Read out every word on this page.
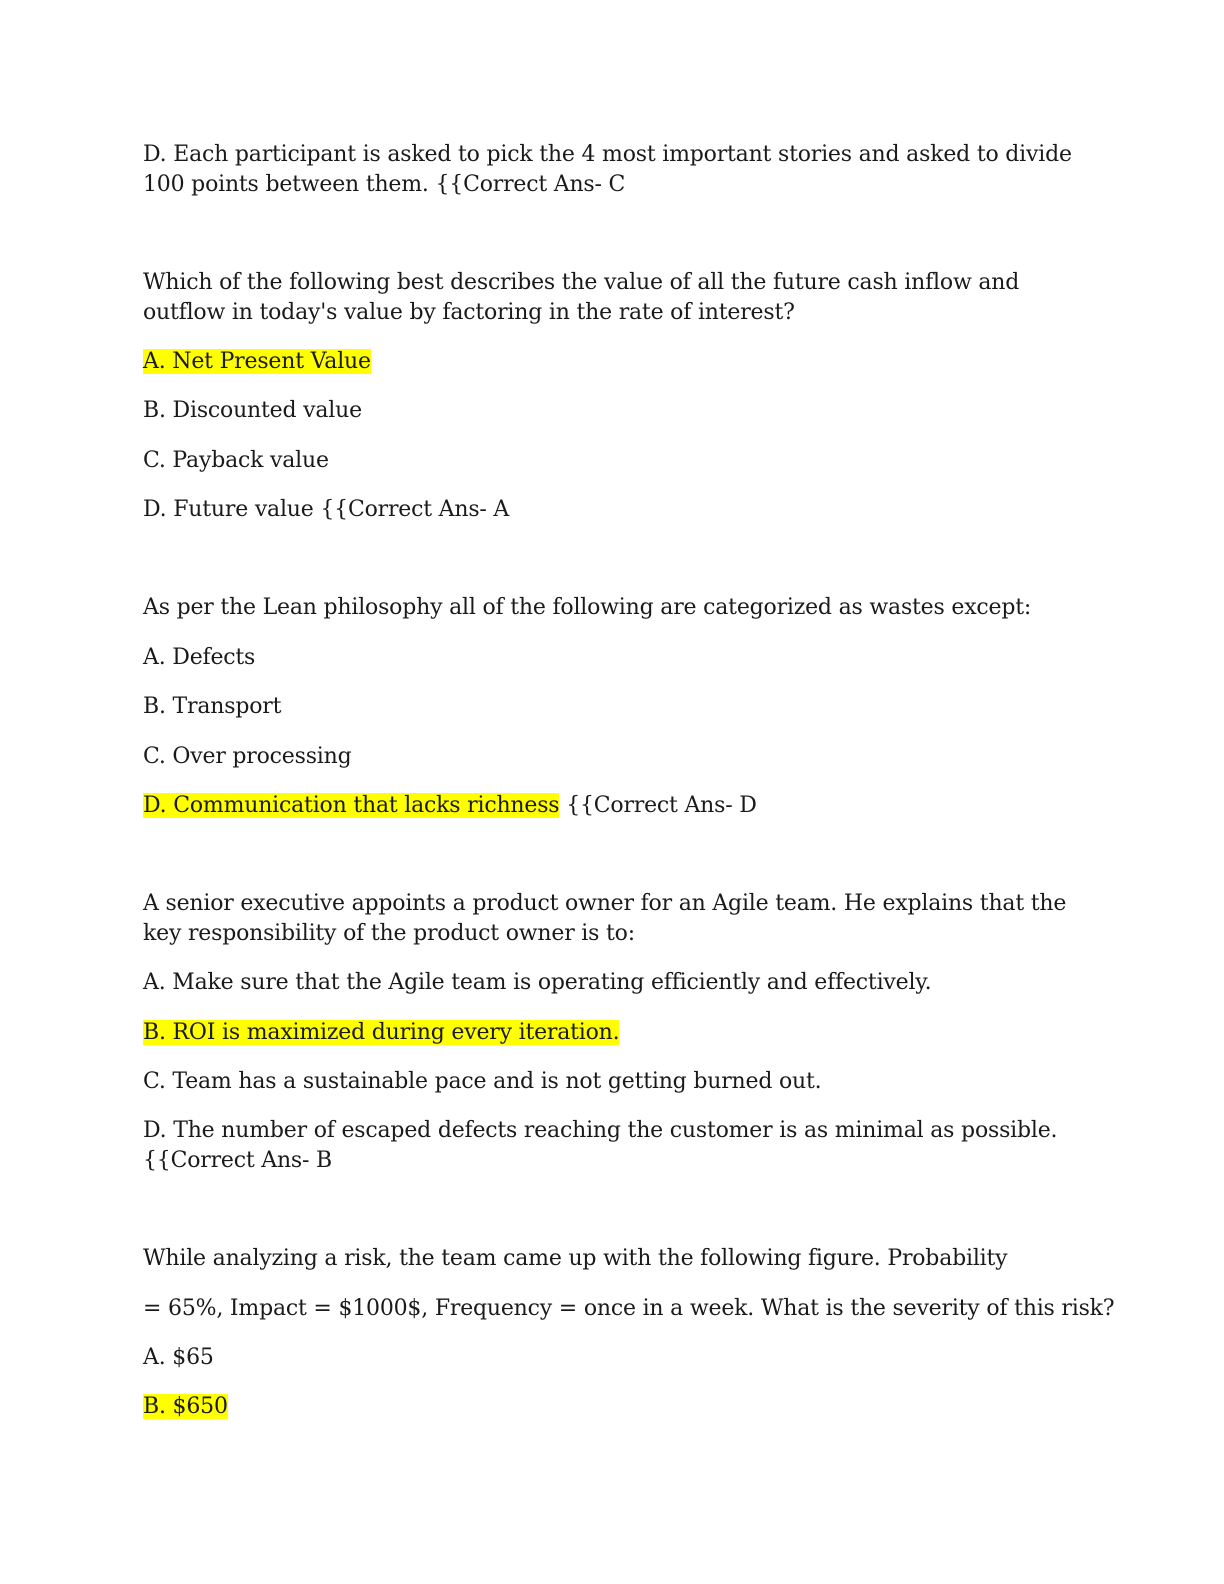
D. Each participant is asked to pick the 4 most important stories and asked to divide
100 points between them. {{Correct Ans- C
Which of the following best describes the value of all the future cash inflow and
outflow in today's value by factoring in the rate of interest?
A. Net Present Value
B. Discounted value
C. Payback value
D. Future value {{Correct Ans- A
As per the Lean philosophy all of the following are categorized as wastes except:
A. Defects
B. Transport
C. Over processing
D. Communication that lacks richness {{Correct Ans- D
A senior executive appoints a product owner for an Agile team. He explains that the
key responsibility of the product owner is to:
A. Make sure that the Agile team is operating efficiently and effectively.
B. ROI is maximized during every iteration.
C. Team has a sustainable pace and is not getting burned out.
D. The number of escaped defects reaching the customer is as minimal as possible.
{{Correct Ans- B
While analyzing a risk, the team came up with the following figure. Probability
= 65%, Impact = $1000$, Frequency = once in a week. What is the severity of this risk?
A. $65
B. $650
